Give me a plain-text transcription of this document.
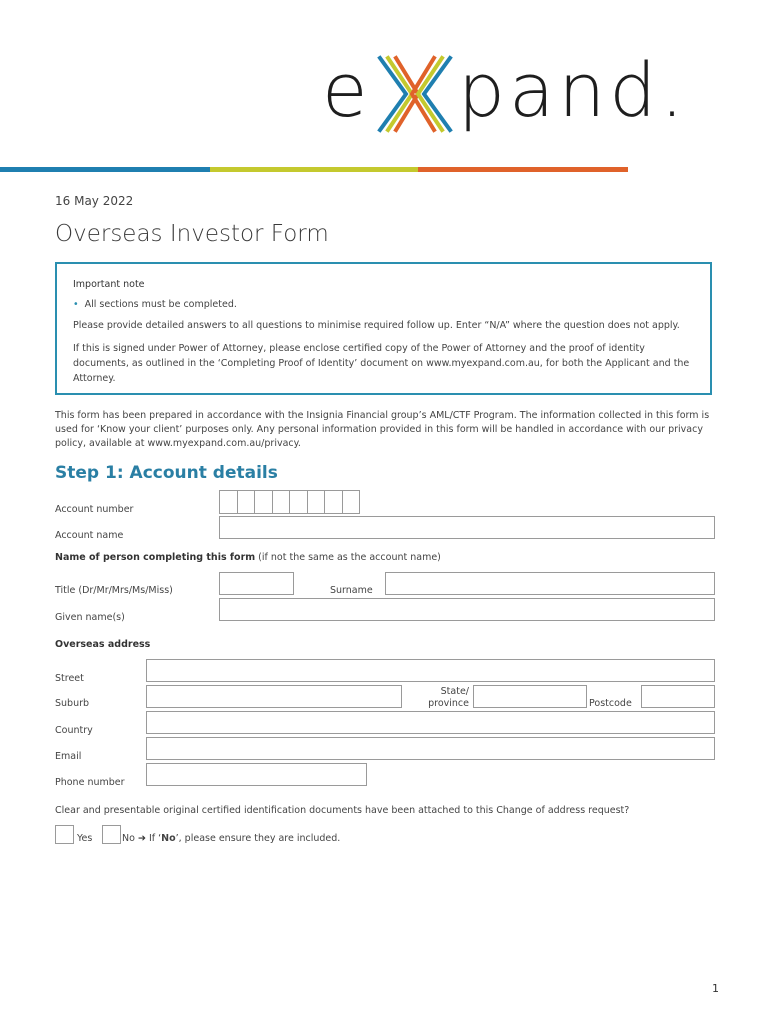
e pand.
16 May 2022
Overseas Investor Form
Important note
• All sections must be completed.
Please provide detailed answers to all questions to minimise required follow up. Enter “N/A” where the question does not apply.
If this is signed under Power of Attorney, please enclose certified copy of the Power of Attorney and the proof of identity documents, as outlined in the ‘Completing Proof of Identity’ document on www.myexpand.com.au, for both the Applicant and the Attorney.
This form has been prepared in accordance with the Insignia Financial group’s AML/CTF Program. The information collected in this form is used for ‘Know your client’ purposes only. Any personal information provided in this form will be handled in accordance with our privacy policy, available at www.myexpand.com.au/privacy.
Step 1: Account details
Account number
Account name
Name of person completing this form (if not the same as the account name)
Title (Dr/Mr/Mrs/Ms/Miss)	Surname
Given name(s)
Overseas address
Street
Suburb
State/
province	Postcode
Country
Email
Phone number
Clear and presentable original certified identification documents have been attached to this Change of address request?
Yes	No ➔ If ‘No’, please ensure they are included.
1
